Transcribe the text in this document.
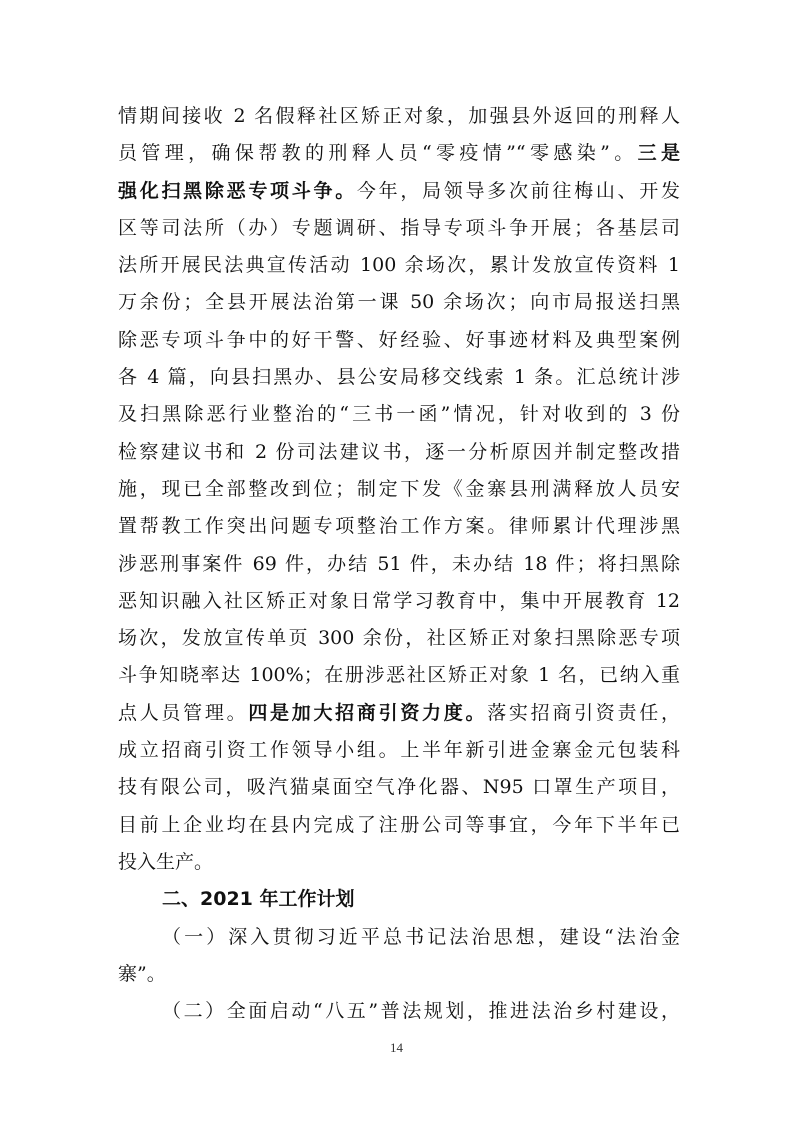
情期间接收 2 名假释社区矫正对象，加强县外返回的刑释人
员管理，确保帮教的刑释人员“零疫情”“零感染”。三是
强化扫黑除恶专项斗争。今年，局领导多次前往梅山、开发
区等司法所（办）专题调研、指导专项斗争开展；各基层司
法所开展民法典宣传活动 100 余场次，累计发放宣传资料 1
万余份；全县开展法治第一课 50 余场次；向市局报送扫黑
除恶专项斗争中的好干警、好经验、好事迹材料及典型案例
各 4 篇，向县扫黑办、县公安局移交线索 1 条。汇总统计涉
及扫黑除恶行业整治的“三书一函”情况，针对收到的 3 份
检察建议书和 2 份司法建议书，逐一分析原因并制定整改措
施，现已全部整改到位；制定下发《金寨县刑满释放人员安
置帮教工作突出问题专项整治工作方案。律师累计代理涉黑
涉恶刑事案件 69 件，办结 51 件，未办结 18 件；将扫黑除
恶知识融入社区矫正对象日常学习教育中，集中开展教育 12
场次，发放宣传单页 300 余份，社区矫正对象扫黑除恶专项
斗争知晓率达 100%；在册涉恶社区矫正对象 1 名，已纳入重
点人员管理。四是加大招商引资力度。落实招商引资责任，
成立招商引资工作领导小组。上半年新引进金寨金元包装科
技有限公司，吸汽猫桌面空气净化器、N95 口罩生产项目，
目前上企业均在县内完成了注册公司等事宜，今年下半年已
投入生产。
二、2021 年工作计划
（一）深入贯彻习近平总书记法治思想，建设“法治金
寨”。
（二）全面启动“八五”普法规划，推进法治乡村建设，
14
